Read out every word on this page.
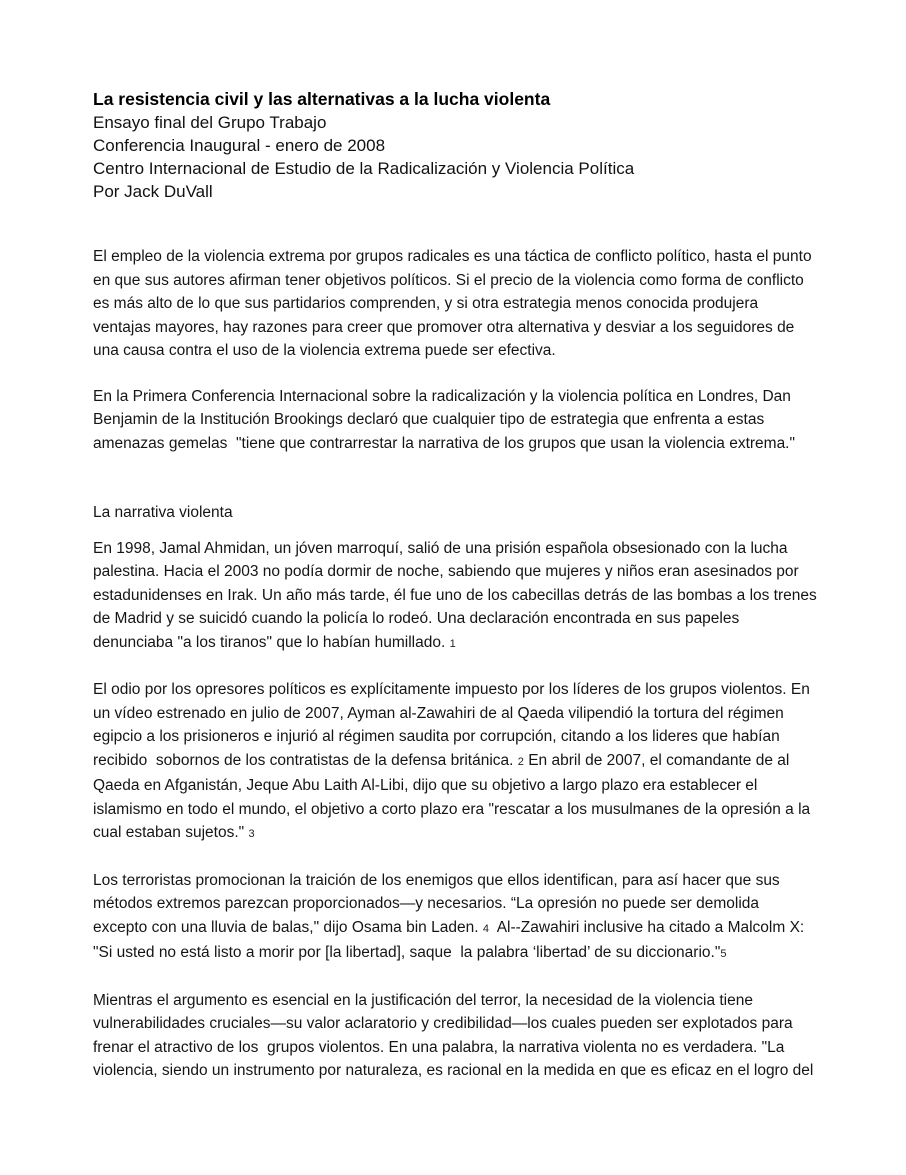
La resistencia civil y las alternativas a la lucha violenta
Ensayo final del Grupo Trabajo
Conferencia Inaugural - enero de 2008
Centro Internacional de Estudio de la Radicalización y Violencia Política
Por Jack DuVall

El empleo de la violencia extrema por grupos radicales es una táctica de conflicto político, hasta el punto en que sus autores afirman tener objetivos políticos. Si el precio de la violencia como forma de conflicto es más alto de lo que sus partidarios comprenden, y si otra estrategia menos conocida produjera ventajas mayores, hay razones para creer que promover otra alternativa y desviar a los seguidores de una causa contra el uso de la violencia extrema puede ser efectiva.

En la Primera Conferencia Internacional sobre la radicalización y la violencia política en Londres, Dan Benjamin de la Institución Brookings declaró que cualquier tipo de estrategia que enfrenta a estas amenazas gemelas  "tiene que contrarrestar la narrativa de los grupos que usan la violencia extrema."

La narrativa violenta

En 1998, Jamal Ahmidan, un jóven marroquí, salió de una prisión española obsesionado con la lucha palestina. Hacia el 2003 no podía dormir de noche, sabiendo que mujeres y niños eran asesinados por estadunidenses en Irak. Un año más tarde, él fue uno de los cabecillas detrás de las bombas a los trenes de Madrid y se suicidó cuando la policía lo rodeó. Una declaración encontrada en sus papeles denunciaba "a los tiranos" que lo habían humillado. 1

El odio por los opresores políticos es explícitamente impuesto por los líderes de los grupos violentos. En un vídeo estrenado en julio de 2007, Ayman al-Zawahiri de al Qaeda vilipendió la tortura del régimen egipcio a los prisioneros e injurió al régimen saudita por corrupción, citando a los lideres que habían recibido  sobornos de los contratistas de la defensa británica. 2 En abril de 2007, el comandante de al Qaeda en Afganistán, Jeque Abu Laith Al-Libi, dijo que su objetivo a largo plazo era establecer el islamismo en todo el mundo, el objetivo a corto plazo era "rescatar a los musulmanes de la opresión a la cual estaban sujetos." 3

Los terroristas promocionan la traición de los enemigos que ellos identifican, para así hacer que sus métodos extremos parezcan proporcionados—y necesarios. “La opresión no puede ser demolida excepto con una lluvia de balas," dijo Osama bin Laden. 4  Al--Zawahiri inclusive ha citado a Malcolm X: "Si usted no está listo a morir por [la libertad], saque  la palabra ‘libertad’ de su diccionario."5

Mientras el argumento es esencial en la justificación del terror, la necesidad de la violencia tiene vulnerabilidades cruciales—su valor aclaratorio y credibilidad—los cuales pueden ser explotados para frenar el atractivo de los  grupos violentos. En una palabra, la narrativa violenta no es verdadera. "La violencia, siendo un instrumento por naturaleza, es racional en la medida en que es eficaz en el logro del
